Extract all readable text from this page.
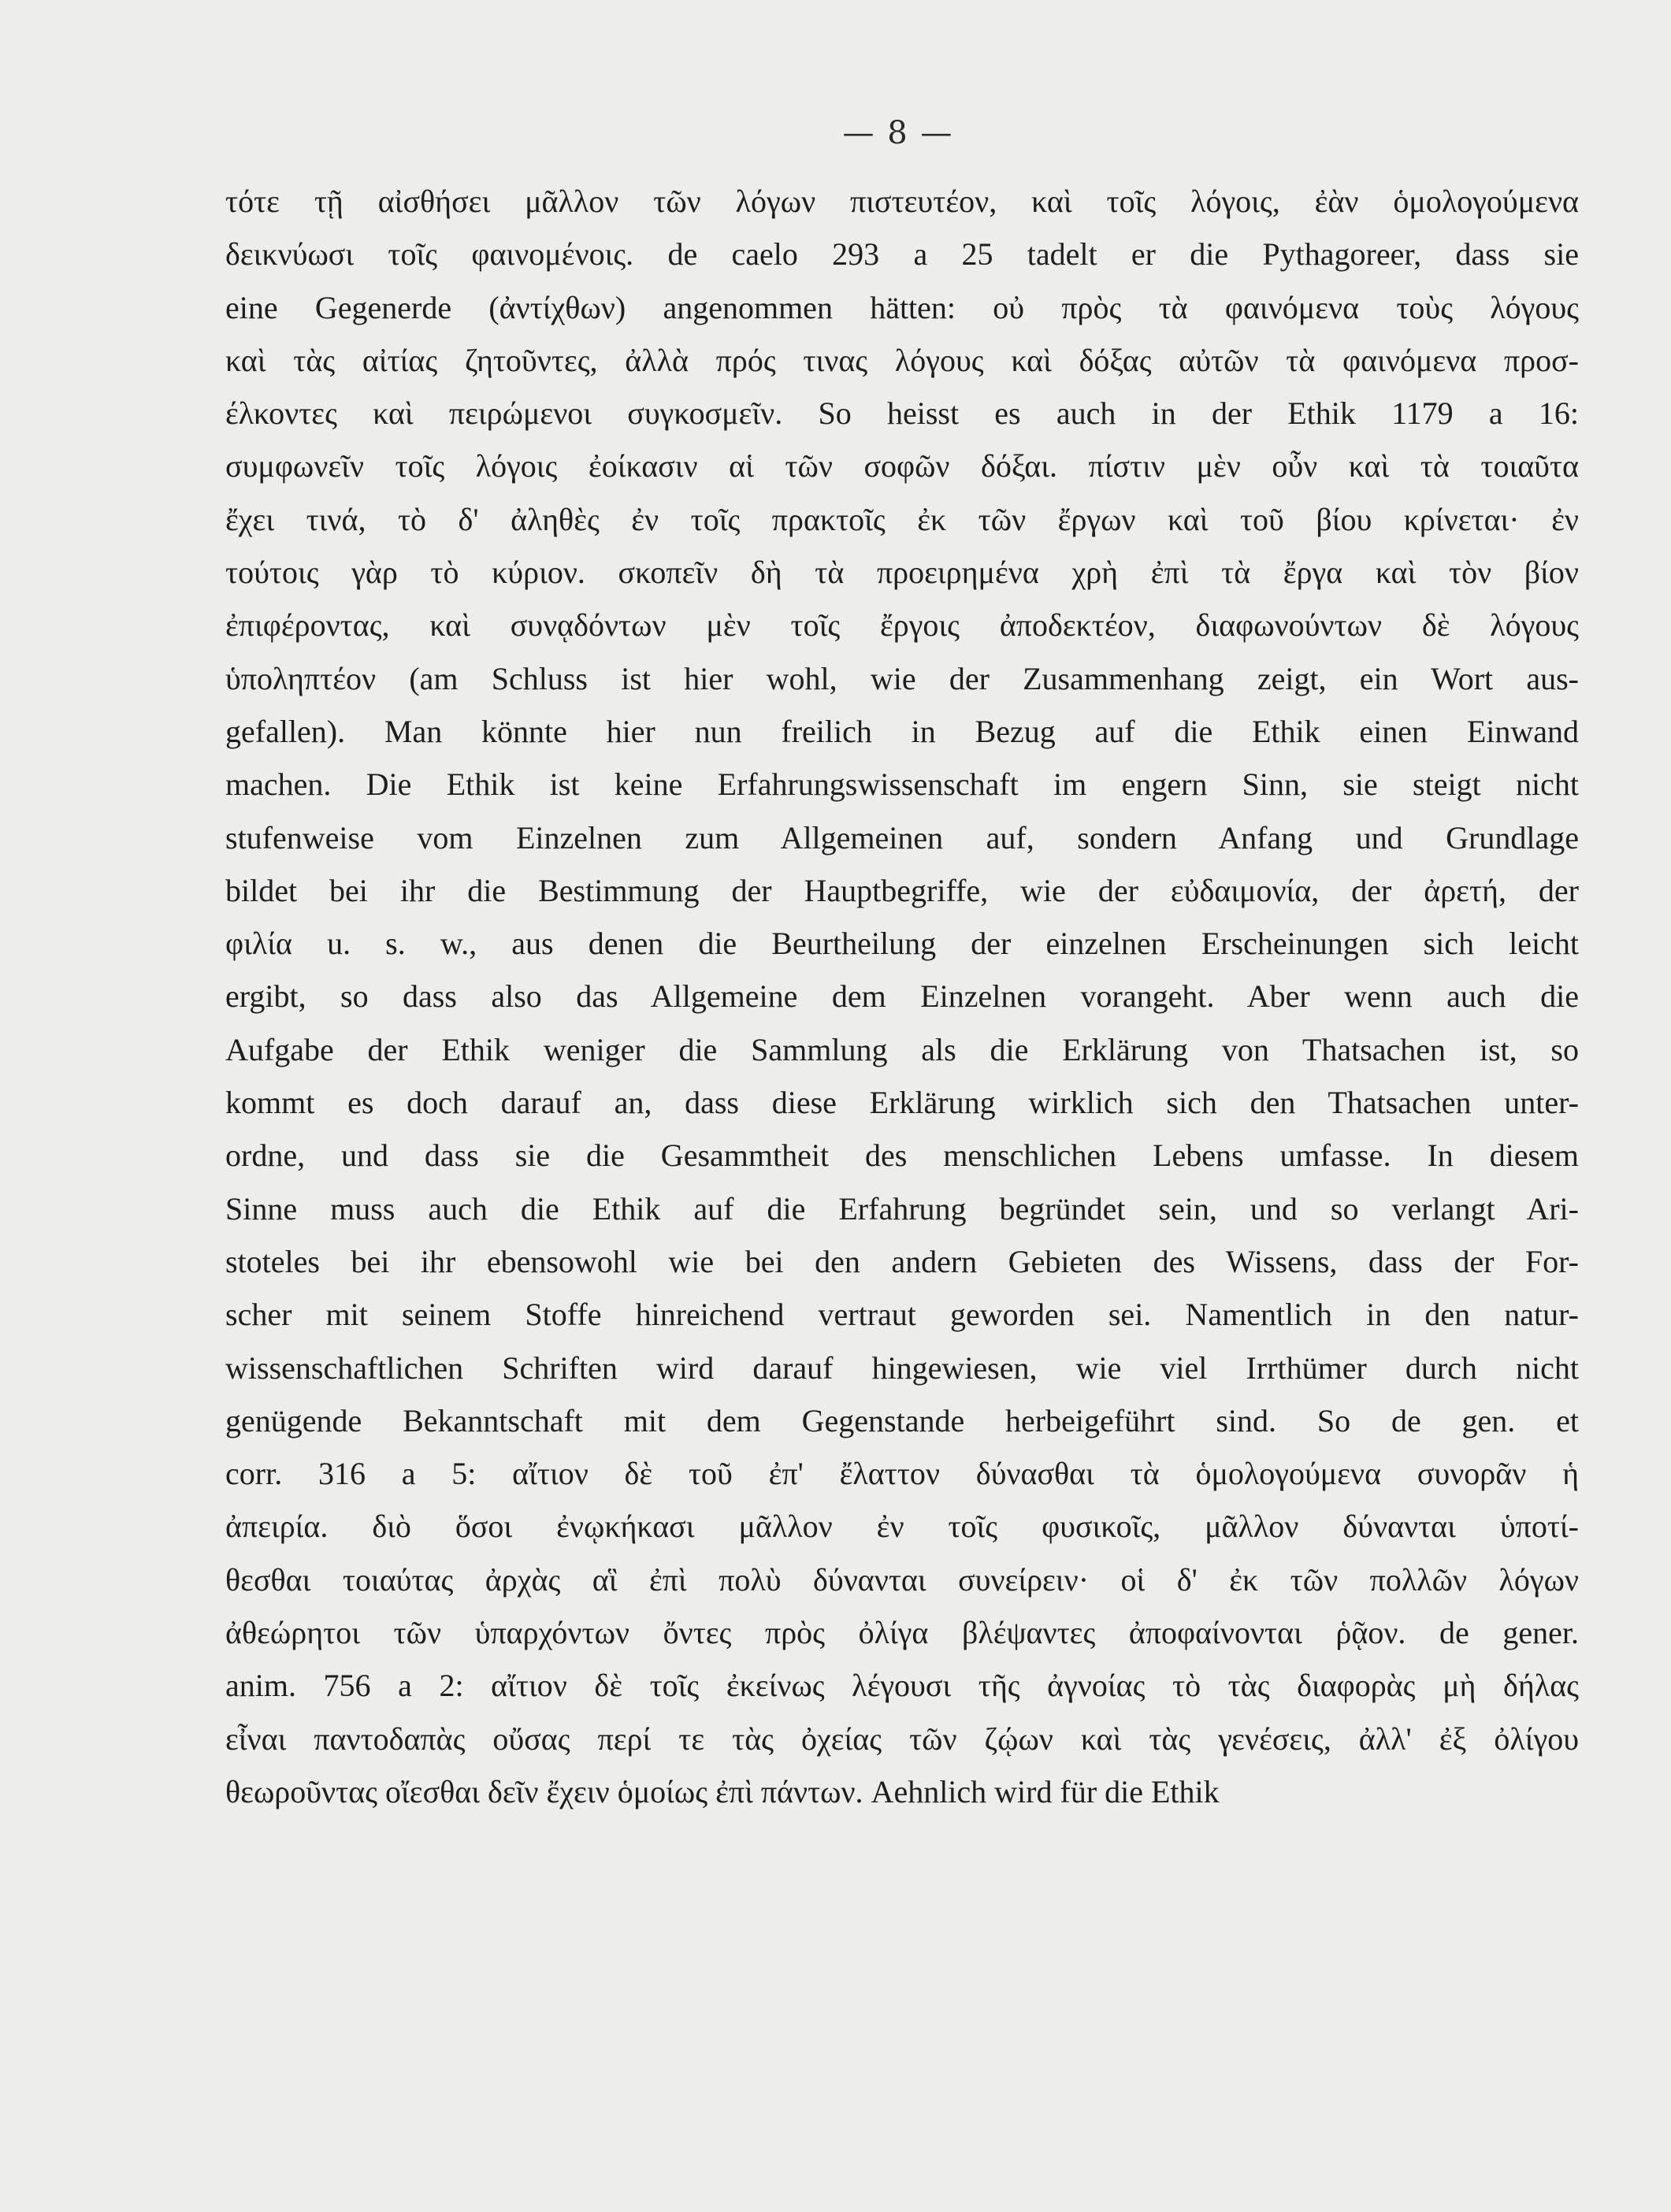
— 8 —
τότε τῇ αἰσθήσει μᾶλλον τῶν λόγων πιστευτέον, καὶ τοῖς λόγοις, ἐὰν ὁμολογούμενα
δεικνύωσι τοῖς φαινομένοις. de caelo 293 a 25 tadelt er die Pythagoreer, dass sie
eine Gegenerde (ἀντίχθων) angenommen hätten: οὐ πρὸς τὰ φαινόμενα τοὺς λόγους
καὶ τὰς αἰτίας ζητοῦντες, ἀλλὰ πρός τινας λόγους καὶ δόξας αὐτῶν τὰ φαινόμενα προσ-
έλκοντες καὶ πειρώμενοι συγκοσμεῖν. So heisst es auch in der Ethik 1179 a 16:
συμφωνεῖν τοῖς λόγοις ἐοίκασιν αἱ τῶν σοφῶν δόξαι. πίστιν μὲν οὖν καὶ τὰ τοιαῦτα
ἔχει τινά, τὸ δ' ἀληθὲς ἐν τοῖς πρακτοῖς ἐκ τῶν ἔργων καὶ τοῦ βίου κρίνεται· ἐν
τούτοις γὰρ τὸ κύριον. σκοπεῖν δὴ τὰ προειρημένα χρὴ ἐπὶ τὰ ἔργα καὶ τὸν βίον
ἐπιφέροντας, καὶ συνᾳδόντων μὲν τοῖς ἔργοις ἀποδεκτέον, διαφωνούντων δὲ λόγους
ὑποληπτέον (am Schluss ist hier wohl, wie der Zusammenhang zeigt, ein Wort aus-
gefallen). Man könnte hier nun freilich in Bezug auf die Ethik einen Einwand
machen. Die Ethik ist keine Erfahrungswissenschaft im engern Sinn, sie steigt nicht
stufenweise vom Einzelnen zum Allgemeinen auf, sondern Anfang und Grundlage
bildet bei ihr die Bestimmung der Hauptbegriffe, wie der εὐδαιμονία, der ἀρετή, der
φιλία u. s. w., aus denen die Beurtheilung der einzelnen Erscheinungen sich leicht
ergibt, so dass also das Allgemeine dem Einzelnen vorangeht. Aber wenn auch die
Aufgabe der Ethik weniger die Sammlung als die Erklärung von Thatsachen ist, so
kommt es doch darauf an, dass diese Erklärung wirklich sich den Thatsachen unter-
ordne, und dass sie die Gesammtheit des menschlichen Lebens umfasse. In diesem
Sinne muss auch die Ethik auf die Erfahrung begründet sein, und so verlangt Ari-
stoteles bei ihr ebensowohl wie bei den andern Gebieten des Wissens, dass der For-
scher mit seinem Stoffe hinreichend vertraut geworden sei. Namentlich in den natur-
wissenschaftlichen Schriften wird darauf hingewiesen, wie viel Irrthümer durch nicht
genügende Bekanntschaft mit dem Gegenstande herbeigeführt sind. So de gen. et
corr. 316 a 5: αἴτιον δὲ τοῦ ἐπ' ἔλαττον δύνασθαι τὰ ὁμολογούμενα συνορᾶν ἡ
ἀπειρία. διὸ ὅσοι ἐνῳκήκασι μᾶλλον ἐν τοῖς φυσικοῖς, μᾶλλον δύνανται ὑποτί-
θεσθαι τοιαύτας ἀρχὰς αἳ ἐπὶ πολὺ δύνανται συνείρειν· οἱ δ' ἐκ τῶν πολλῶν λόγων
ἀθεώρητοι τῶν ὑπαρχόντων ὄντες πρὸς ὀλίγα βλέψαντες ἀποφαίνονται ῥᾷον. de gener.
anim. 756 a 2: αἴτιον δὲ τοῖς ἐκείνως λέγουσι τῆς ἀγνοίας τὸ τὰς διαφορὰς μὴ δήλας
εἶναι παντοδαπὰς οὔσας περί τε τὰς ὀχείας τῶν ζῴων καὶ τὰς γενέσεις, ἀλλ' ἐξ ὀλίγου
θεωροῦντας οἴεσθαι δεῖν ἔχειν ὁμοίως ἐπὶ πάντων. Aehnlich wird für die Ethik
